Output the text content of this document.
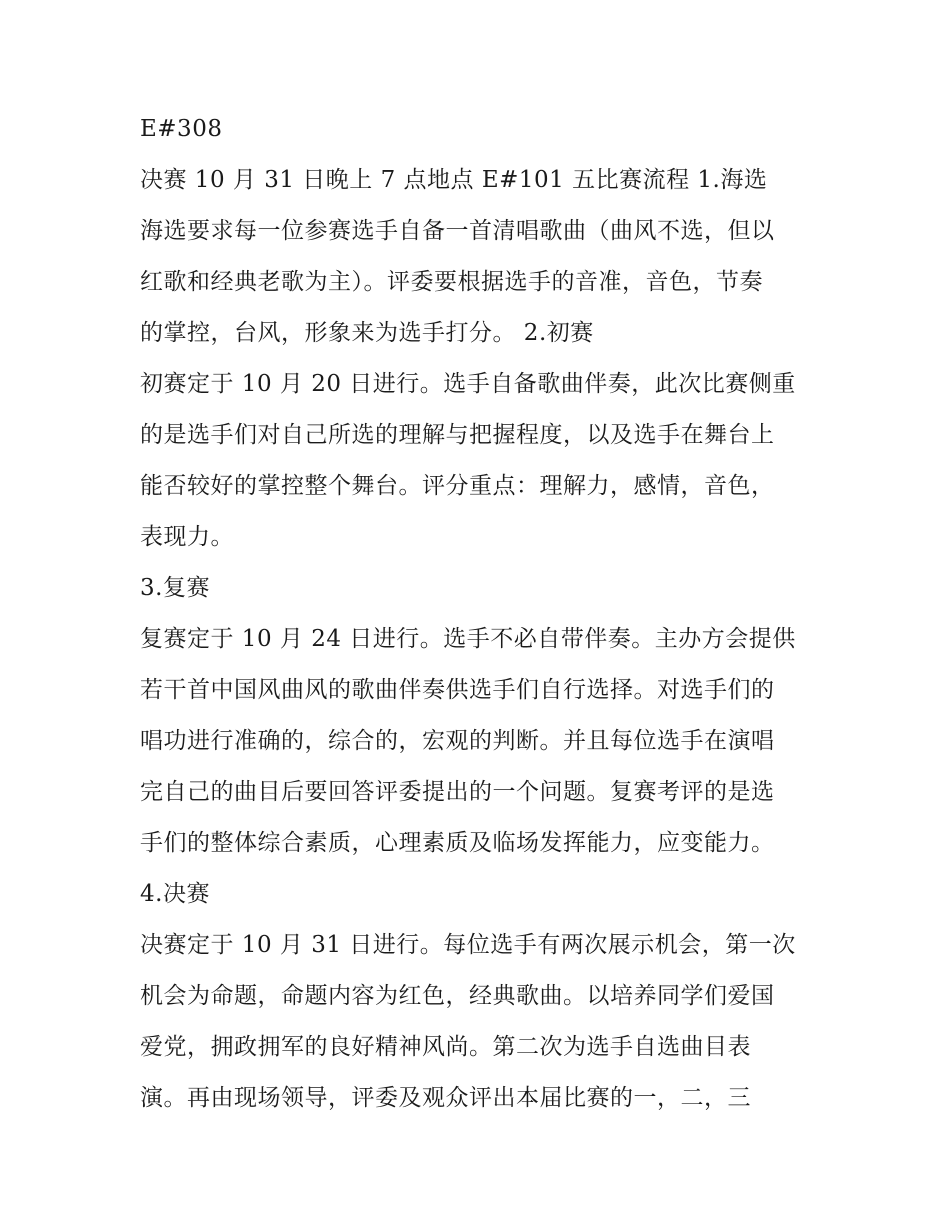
E#308
决赛 10 月 31 日晚上 7 点地点 E#101 五比赛流程 1.海选
海选要求每一位参赛选手自备一首清唱歌曲（曲风不选，但以
红歌和经典老歌为主）。评委要根据选手的音准，音色，节奏
的掌控，台风，形象来为选手打分。 2.初赛
初赛定于 10 月 20 日进行。选手自备歌曲伴奏，此次比赛侧重
的是选手们对自己所选的理解与把握程度，以及选手在舞台上
能否较好的掌控整个舞台。评分重点：理解力，感情，音色，
表现力。
3.复赛
复赛定于 10 月 24 日进行。选手不必自带伴奏。主办方会提供
若干首中国风曲风的歌曲伴奏供选手们自行选择。对选手们的
唱功进行准确的，综合的，宏观的判断。并且每位选手在演唱
完自己的曲目后要回答评委提出的一个问题。复赛考评的是选
手们的整体综合素质，心理素质及临场发挥能力，应变能力。
4.决赛
决赛定于 10 月 31 日进行。每位选手有两次展示机会，第一次
机会为命题，命题内容为红色，经典歌曲。以培养同学们爱国
爱党，拥政拥军的良好精神风尚。第二次为选手自选曲目表
演。再由现场领导，评委及观众评出本届比赛的一，二，三
